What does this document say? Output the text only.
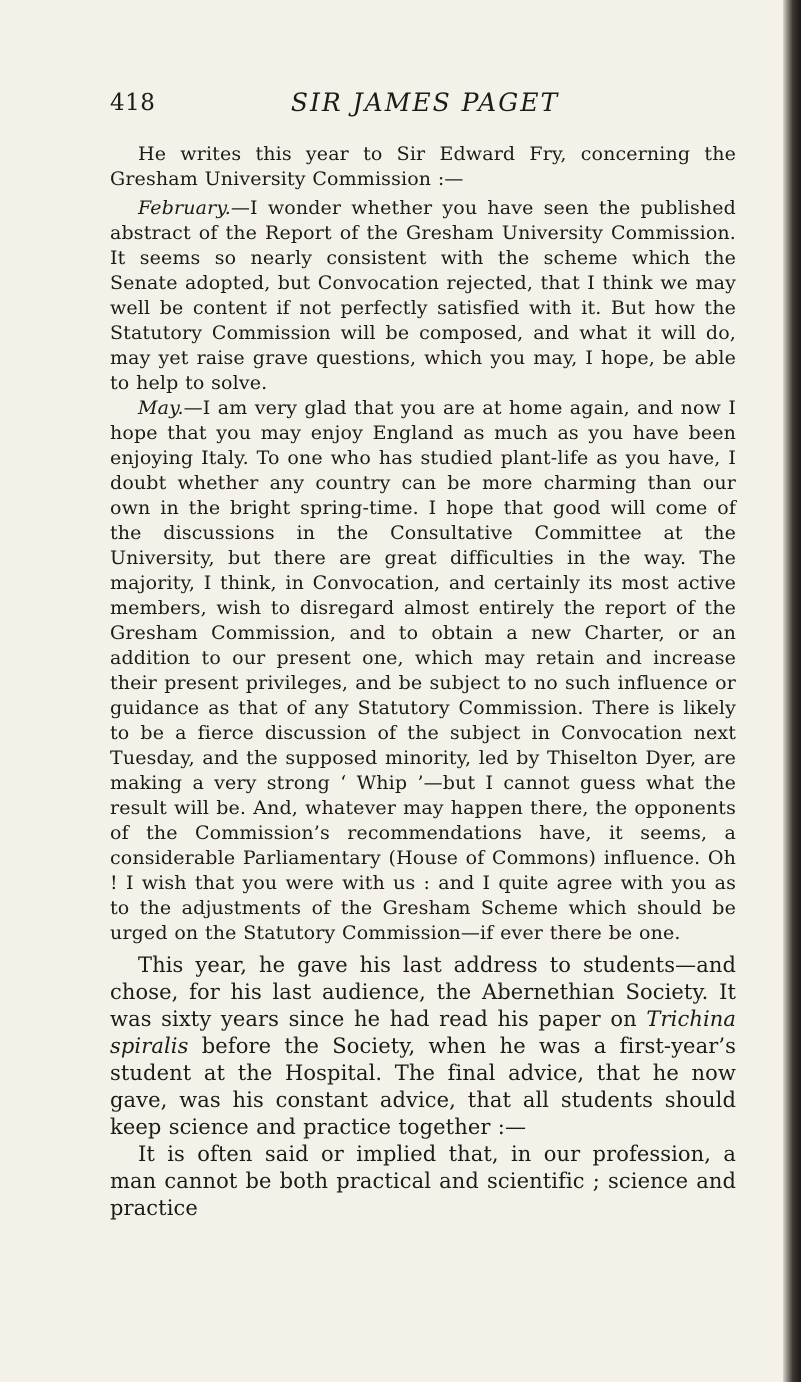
418	SIR JAMES PAGET

He writes this year to Sir Edward Fry, concerning the Gresham University Commission :—

February.—I wonder whether you have seen the published abstract of the Report of the Gresham University Commission. It seems so nearly consistent with the scheme which the Senate adopted, but Convocation rejected, that I think we may well be content if not perfectly satisfied with it. But how the Statutory Commission will be composed, and what it will do, may yet raise grave questions, which you may, I hope, be able to help to solve.

May.—I am very glad that you are at home again, and now I hope that you may enjoy England as much as you have been enjoying Italy. To one who has studied plant-life as you have, I doubt whether any country can be more charming than our own in the bright spring-time. I hope that good will come of the discussions in the Consultative Committee at the University, but there are great difficulties in the way. The majority, I think, in Convocation, and certainly its most active members, wish to disregard almost entirely the report of the Gresham Commission, and to obtain a new Charter, or an addition to our present one, which may retain and increase their present privileges, and be subject to no such influence or guidance as that of any Statutory Commission. There is likely to be a fierce discussion of the subject in Convocation next Tuesday, and the supposed minority, led by Thiselton Dyer, are making a very strong ‘ Whip ’—but I cannot guess what the result will be. And, whatever may happen there, the opponents of the Commission’s recommendations have, it seems, a considerable Parliamentary (House of Commons) influence. Oh ! I wish that you were with us : and I quite agree with you as to the adjustments of the Gresham Scheme which should be urged on the Statutory Commission—if ever there be one.

This year, he gave his last address to students—and chose, for his last audience, the Abernethian Society. It was sixty years since he had read his paper on Trichina spiralis before the Society, when he was a first-year’s student at the Hospital. The final advice, that he now gave, was his constant advice, that all students should keep science and practice together :—

It is often said or implied that, in our profession, a man cannot be both practical and scientific ; science and practice
